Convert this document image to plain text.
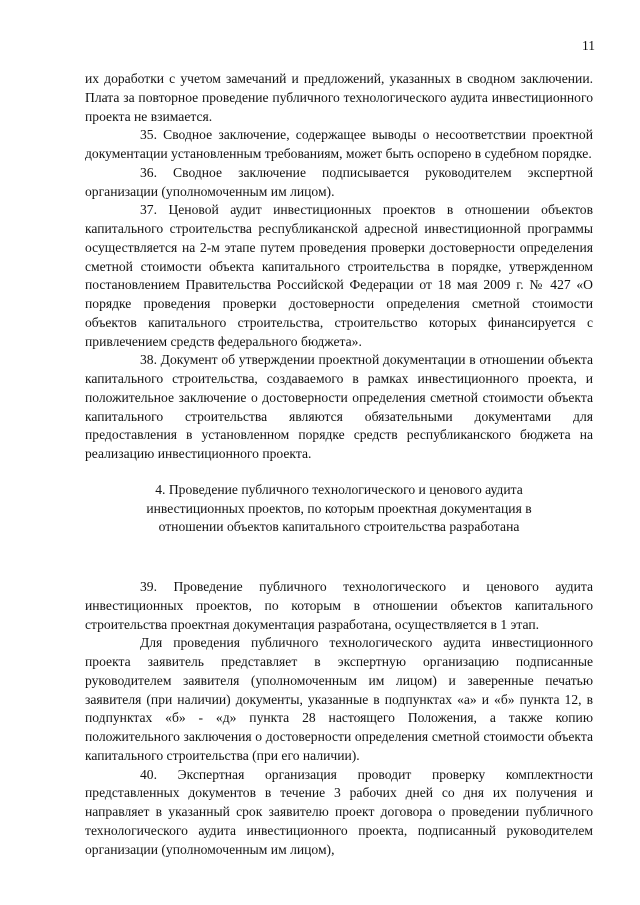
11

их доработки с учетом замечаний и предложений, указанных в сводном заключении. Плата за повторное проведение публичного технологического аудита инвестиционного проекта не взимается.

35. Сводное заключение, содержащее выводы о несоответствии проектной документации установленным требованиям, может быть оспорено в судебном порядке.

36. Сводное заключение подписывается руководителем экспертной организации (уполномоченным им лицом).

37. Ценовой аудит инвестиционных проектов в отношении объектов капитального строительства республиканской адресной инвестиционной программы осуществляется на 2-м этапе путем проведения проверки достоверности определения сметной стоимости объекта капитального строительства в порядке, утвержденном постановлением Правительства Российской Федерации от 18 мая 2009 г. № 427 «О порядке проведения проверки достоверности определения сметной стоимости объектов капитального строительства, строительство которых финансируется с привлечением средств федерального бюджета».

38. Документ об утверждении проектной документации в отношении объекта капитального строительства, создаваемого в рамках инвестиционного проекта, и положительное заключение о достоверности определения сметной стоимости объекта капитального строительства являются обязательными документами для предоставления в установленном порядке средств республиканского бюджета на реализацию инвестиционного проекта.

4. Проведение публичного технологического и ценового аудита
инвестиционных проектов, по которым проектная документация в
отношении объектов капитального строительства разработана

39. Проведение публичного технологического и ценового аудита инвестиционных проектов, по которым в отношении объектов капитального строительства проектная документация разработана, осуществляется в 1 этап.

Для проведения публичного технологического аудита инвестиционного проекта заявитель представляет в экспертную организацию подписанные руководителем заявителя (уполномоченным им лицом) и заверенные печатью заявителя (при наличии) документы, указанные в подпунктах «а» и «б» пункта 12, в подпунктах «б» - «д» пункта 28 настоящего Положения, а также копию положительного заключения о достоверности определения сметной стоимости объекта капитального строительства (при его наличии).

40. Экспертная организация проводит проверку комплектности представленных документов в течение 3 рабочих дней со дня их получения и направляет в указанный срок заявителю проект договора о проведении публичного технологического аудита инвестиционного проекта, подписанный руководителем организации (уполномоченным им лицом),
